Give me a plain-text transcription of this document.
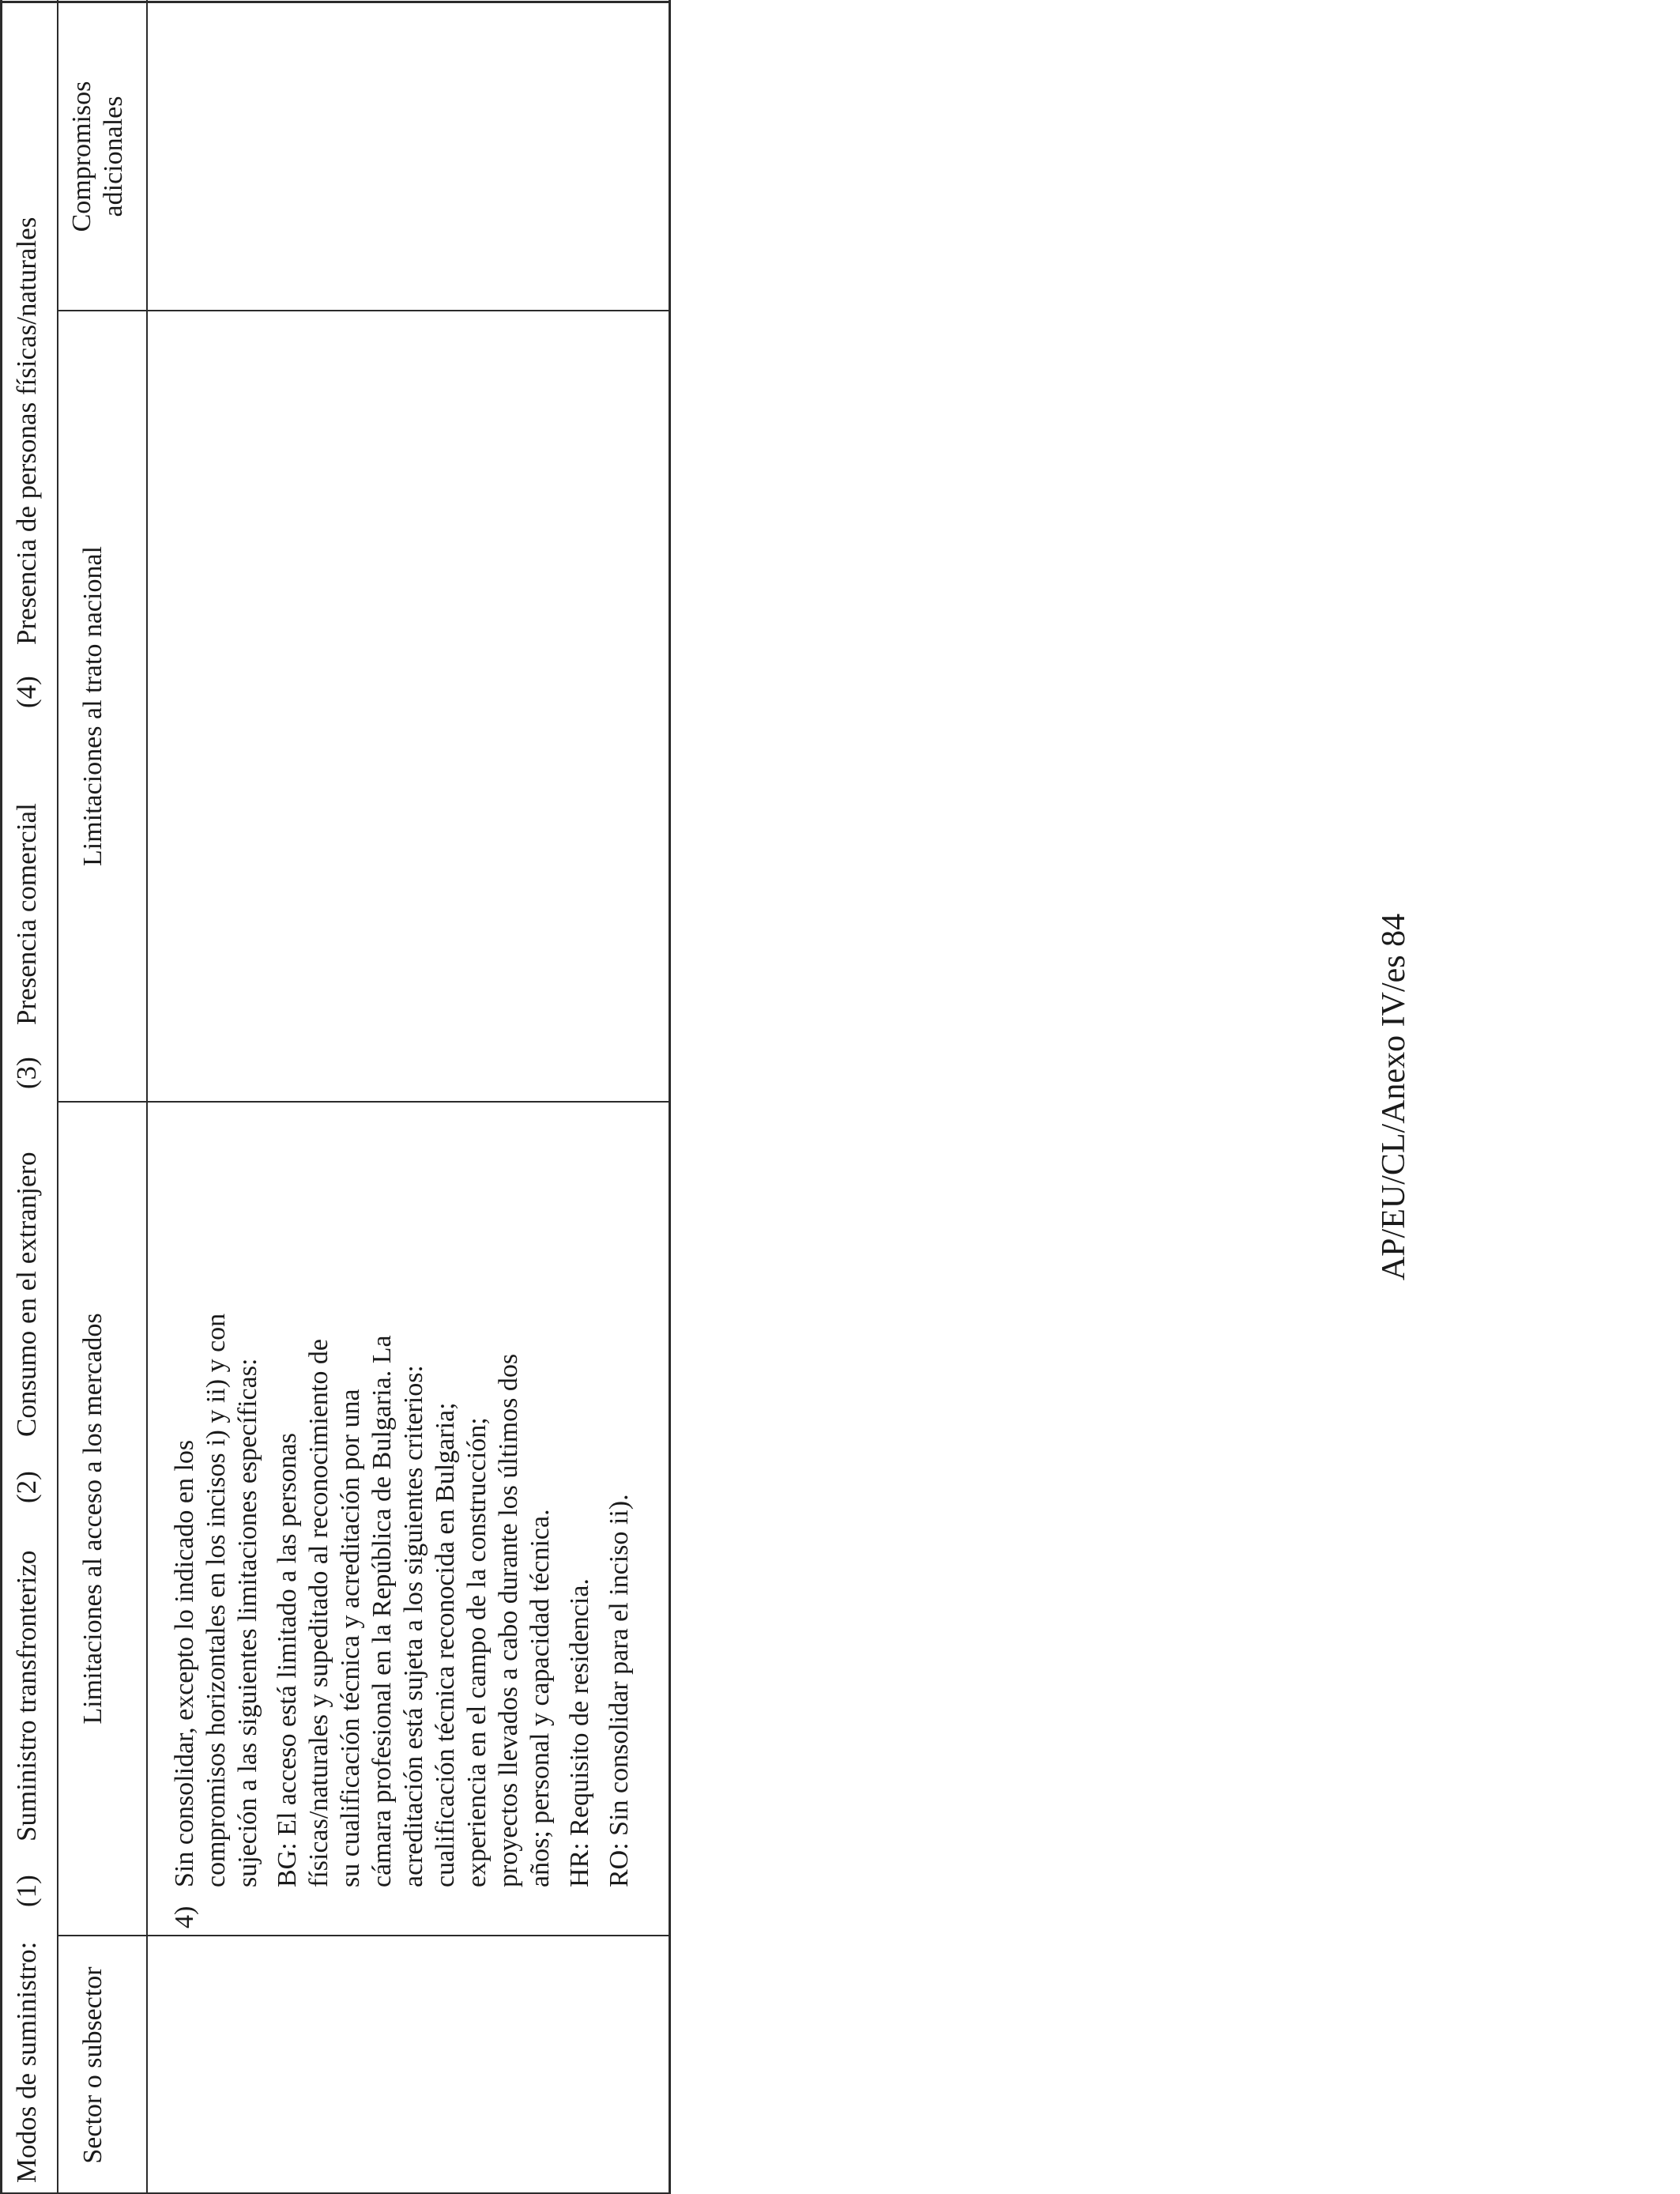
Modos de suministro:
(1)
Suministro transfronterizo
(2)
Consumo en el extranjero
(3)
Presencia comercial
(4)
Presencia de personas físicas/naturales
Sector o subsector
Limitaciones al acceso a los mercados
Limitaciones al trato nacional
Compromisos adicionales
4)

Sin consolidar, excepto lo indicado en los compromisos horizontales en los incisos i) y ii) y con sujeción a las siguientes limitaciones específicas: BG: El acceso está limitado a las personas físicas/naturales y supeditado al reconocimiento de su cualificación técnica y acreditación por una cámara profesional en la República de Bulgaria. La acreditación está sujeta a los siguientes criterios: cualificación técnica reconocida en Bulgaria; experiencia en el campo de la construcción; proyectos llevados a cabo durante los últimos dos años; personal y capacidad técnica. HR: Requisito de residencia. RO: Sin consolidar para el inciso ii).

AP/EU/CL/Anexo IV/es 84
